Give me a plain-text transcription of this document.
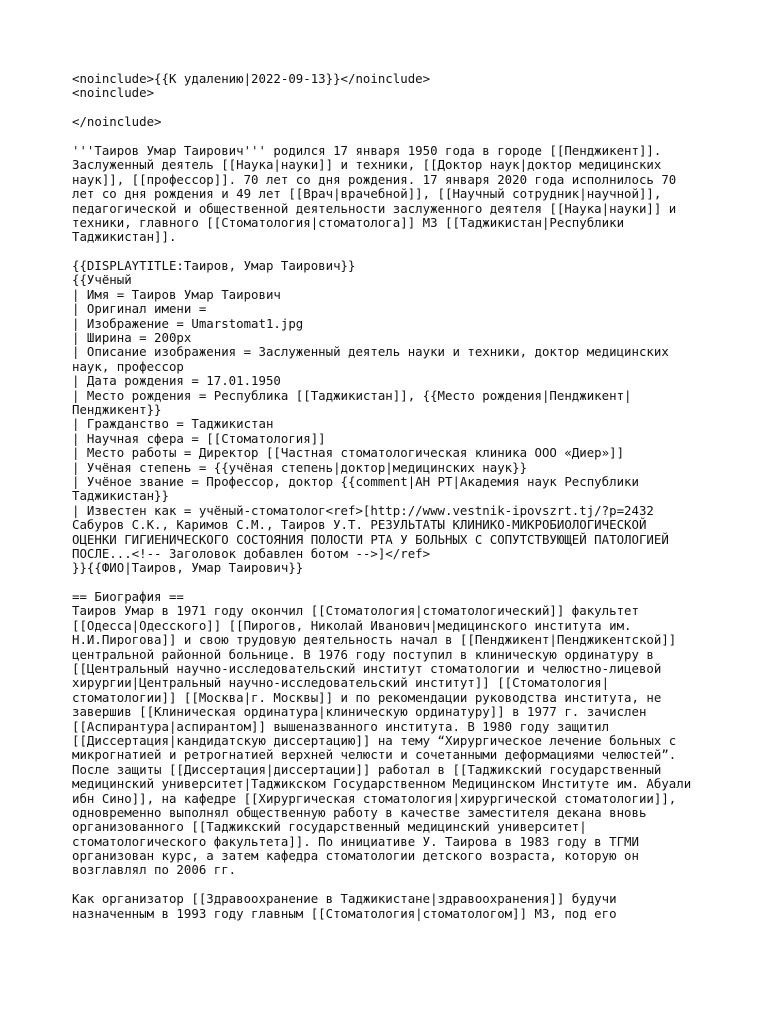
<noinclude>{{К удалению|2022-09-13}}</noinclude>
<noinclude>
</noinclude>
'''Таиров Умар Таирович''' родился 17 января 1950 года в городе [[Пенджикент]].
Заслуженный деятель [[Наука|науки]] и техники, [[Доктор наук|доктор медицинских
наук]], [[профессор]]. 70 лет со дня рождения. 17 января 2020 года исполнилось 70
лет со дня рождения и 49 лет [[Врач|врачебной]], [[Научный сотрудник|научной]],
педагогической и общественной деятельности заслуженного деятеля [[Наука|науки]] и
техники, главного [[Стоматология|стоматолога]] МЗ [[Таджикистан|Республики
Таджикистан]].
{{DISPLAYTITLE:Таиров, Умар Таирович}}
{{Учёный
| Имя = Таиров Умар Таирович
| Оригинал имени =
| Изображение = Umarstomat1.jpg
| Ширина = 200px
| Описание изображения = Заслуженный деятель науки и техники, доктор медицинских
наук, профессор
| Дата рождения = 17.01.1950
| Место рождения = Республика [[Таджикистан]], {{Место рождения|Пенджикент|
Пенджикент}}
| Гражданство = Таджикистан
| Научная сфера = [[Стоматология]]
| Место работы = Директор [[Частная стоматологическая клиника ООО «Диер»]]
| Учёная степень = {{учёная степень|доктор|медицинских наук}}
| Учёное звание = Профессор, доктор {{comment|АН РТ|Академия наук Республики
Таджикистан}}
| Известен как = учёный-стоматолог<ref>[http://www.vestnik-ipovszrt.tj/?p=2432
Сабуров С.К., Каримов С.М., Таиров У.Т. РЕЗУЛЬТАТЫ КЛИНИКО-МИКРОБИОЛОГИЧЕСКОЙ
ОЦЕНКИ ГИГИЕНИЧЕСКОГО СОСТОЯНИЯ ПОЛОСТИ РТА У БОЛЬНЫХ С СОПУТСТВУЮЩЕЙ ПАТОЛОГИЕЙ
ПОСЛЕ...<!-- Заголовок добавлен ботом -->]</ref>
}}{{ФИО|Таиров, Умар Таирович}}
== Биография ==
Таиров Умар в 1971 году окончил [[Стоматология|стоматологический]] факультет
[[Одесса|Одесского]] [[Пирогов, Николай Иванович|медицинского института им.
Н.И.Пирогова]] и свою трудовую деятельность начал в [[Пенджикент|Пенджикентской]]
центральной районной больнице. В 1976 году поступил в клиническую ординатуру в
[[Центральный научно-исследовательский институт стоматологии и челюстно-лицевой
хирургии|Центральный научно-исследовательский институт]] [[Стоматология|
стоматологии]] [[Москва|г. Москвы]] и по рекомендации руководства института, не
завершив [[Клиническая ординатура|клиническую ординатуру]] в 1977 г. зачислен
[[Аспирантура|аспирантом]] вышеназванного института. В 1980 году защитил
[[Диссертация|кандидатскую диссертацию]] на тему “Хирургическое лечение больных с
микрогнатией и ретрогнатией верхней челюсти и сочетанными деформациями челюстей”.
После защиты [[Диссертация|диссертации]] работал в [[Таджикский государственный
медицинский университет|Таджикском Государственном Медицинском Институте им. Абуали
ибн Сино]], на кафедре [[Хирургическая стоматология|хирургической стоматологии]],
одновременно выполнял общественную работу в качестве заместителя декана вновь
организованного [[Таджикский государственный медицинский университет|
стоматологического факультета]]. По инициативе У. Таирова в 1983 году в ТГМИ
организован курс, а затем кафедра стоматологии детского возраста, которую он
возглавлял по 2006 гг.
Как организатор [[Здравоохранение в Таджикистане|здравоохранения]] будучи
назначенным в 1993 году главным [[Стоматология|стоматологом]] МЗ, под его
